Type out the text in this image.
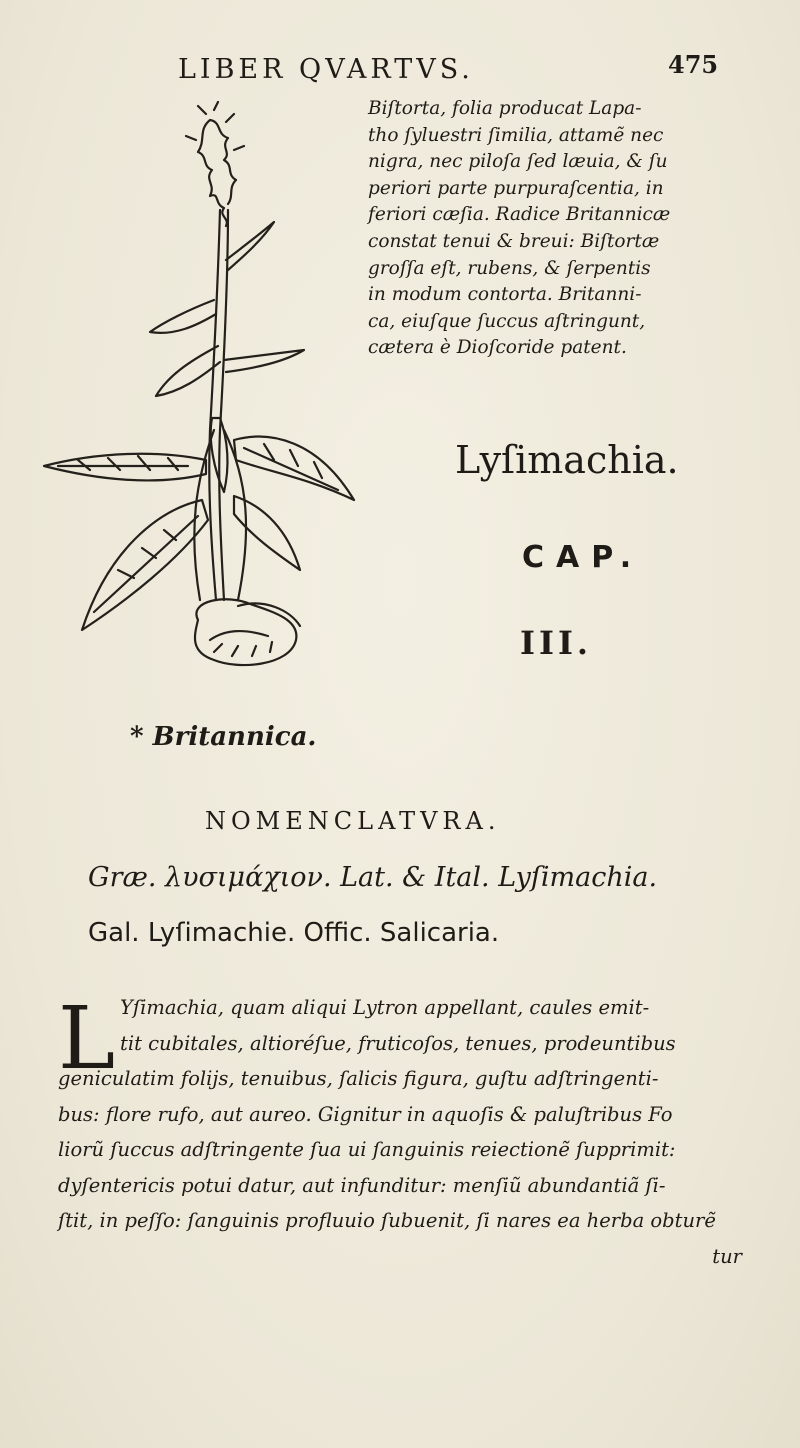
LIBER QVARTVS.	475
* Britannica.
Biſtorta, folia producat Lapa-
tho ſyluestri ſimilia, attamẽ nec
nigra, nec piloſa ſed læuia, & ſu
periori parte purpuraſcentia, in
feriori cæſia. Radice Britannicæ
constat tenui & breui: Biſtortæ
groſſa eſt, rubens, & ſerpentis
in modum contorta. Britanni-
ca, eiuſque ſuccus aſtringunt,
cætera è Dioſcoride patent.
Lyſimachia.
CAP.
III.
NOMENCLATVRA.
Græ. λυσιμάχιον. Lat. & Ital. Lyſimachia.
Gal. Lyſimachie. Offic. Salicaria.
L Yſimachia, quam aliqui Lytron appellant, caules emit-
tit cubitales, altioréſue, fruticoſos, tenues, prodeuntibus
geniculatim folijs, tenuibus, ſalicis figura, guſtu adſtringenti-
bus: flore rufo, aut aureo. Gignitur in aquoſis & paluſtribus Fo
liorũ ſuccus adſtringente ſua ui ſanguinis reiectionẽ ſupprimit:
dyſentericis potui datur, aut infunditur: menſiũ abundantiã ſi-
ſtit, in peſſo: ſanguinis profluuio ſubuenit, ſi nares ea herba obturẽ
tur
